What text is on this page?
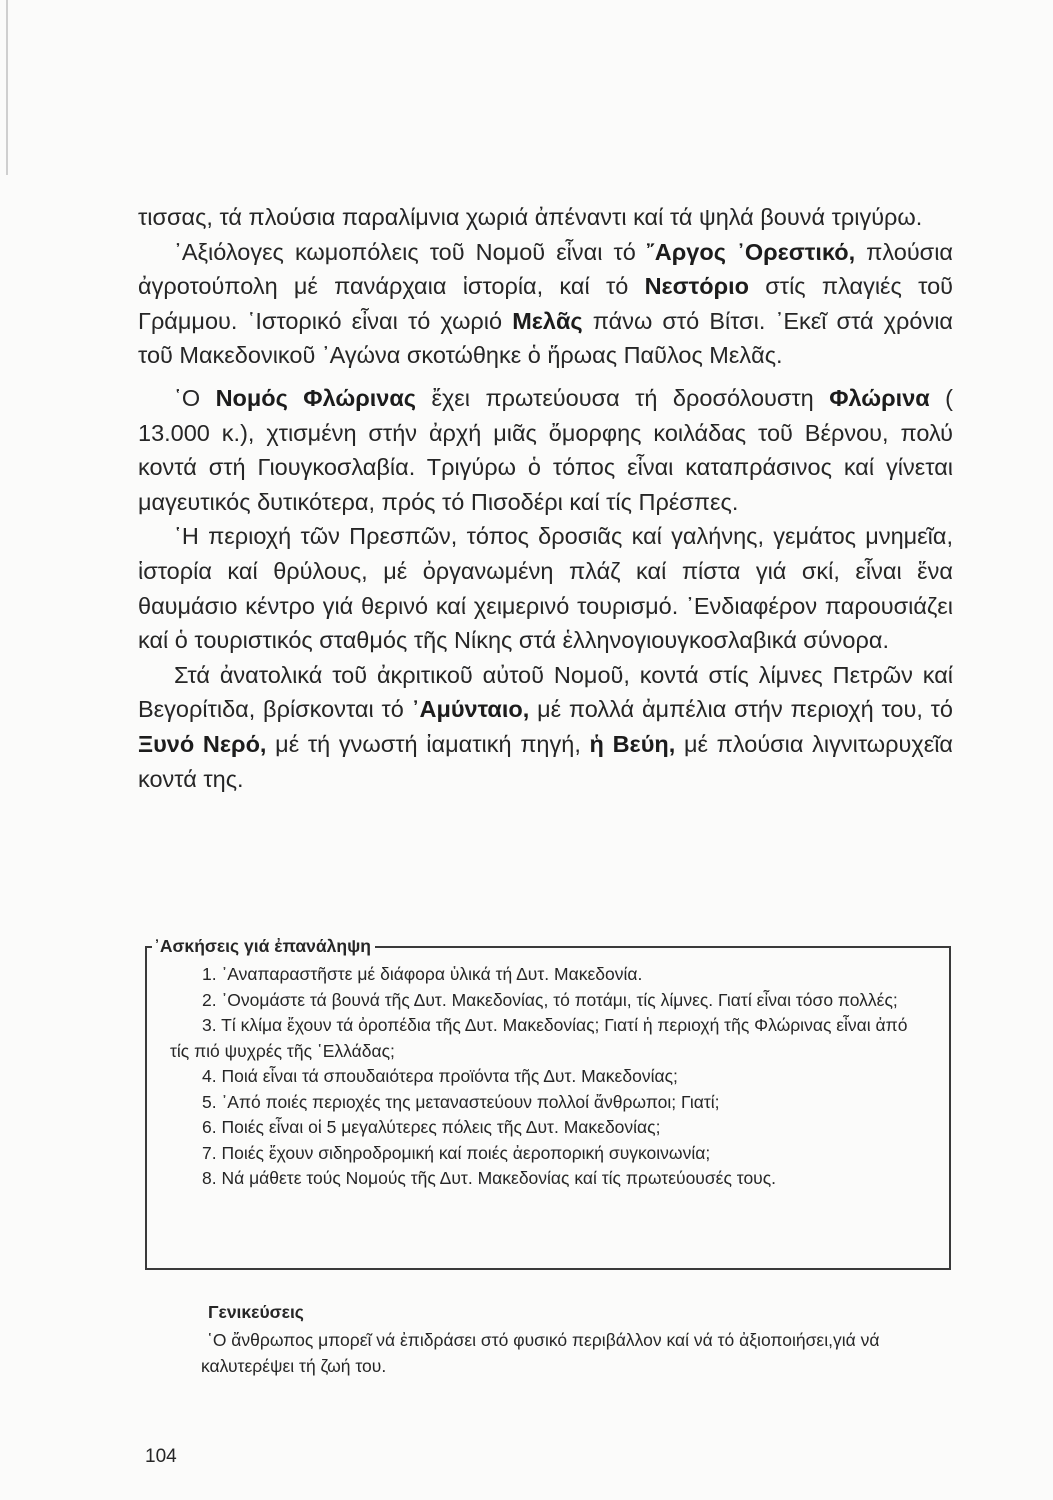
τισσας, τά πλούσια παραλίμνια χωριά ἀπέναντι καί τά ψηλά βουνά τριγύρω.

᾿Αξιόλογες κωμοπόλεις τοῦ Νομοῦ εἶναι τό ῎Αργος ᾿Ορεστικό, πλούσια ἀγροτούπολη μέ πανάρχαια ἱστορία, καί τό Νεστόριο στίς πλαγιές τοῦ Γράμμου. ῾Ιστορικό εἶναι τό χωριό Μελᾶς πάνω στό Βίτσι. ᾿Εκεῖ στά χρόνια τοῦ Μακεδονικοῦ ᾿Αγώνα σκοτώθηκε ὁ ἥρωας Παῦλος Μελᾶς.

῾Ο Νομός Φλώρινας ἔχει πρωτεύουσα τή δροσόλουστη Φλώρινα ( 13.000 κ.), χτισμένη στήν ἀρχή μιᾶς ὄμορφης κοιλάδας τοῦ Βέρνου, πολύ κοντά στή Γιουγκοσλαβία. Τριγύρω ὁ τόπος εἶναι καταπράσινος καί γίνεται μαγευτικός δυτικότερα, πρός τό Πισοδέρι καί τίς Πρέσπες.

῾Η περιοχή τῶν Πρεσπῶν, τόπος δροσιᾶς καί γαλήνης, γεμάτος μνημεῖα, ἱστορία καί θρύλους, μέ ὀργανωμένη πλάζ καί πίστα γιά σκί, εἶναι ἕνα θαυμάσιο κέντρο γιά θερινό καί χειμερινό τουρισμό. ᾿Ενδιαφέρον παρουσιάζει καί ὁ τουριστικός σταθμός τῆς Νίκης στά ἑλληνογιουγκοσλαβικά σύνορα.

Στά ἀνατολικά τοῦ ἀκριτικοῦ αὐτοῦ Νομοῦ, κοντά στίς λίμνες Πετρῶν καί Βεγορίτιδα, βρίσκονται τό ᾿Αμύνταιο, μέ πολλά ἀμπέλια στήν περιοχή του, τό Ξυνό Νερό, μέ τή γνωστή ἰαματική πηγή, ἡ Βεύη, μέ πλούσια λιγνιτωρυχεῖα κοντά της.

᾿Ασκήσεις γιά ἐπανάληψη

1. ᾿Αναπαραστῆστε μέ διάφορα ὑλικά τή Δυτ. Μακεδονία.

2. ᾿Ονομάστε τά βουνά τῆς Δυτ. Μακεδονίας, τό ποτάμι, τίς λίμνες. Γιατί εἶναι τόσο πολλές;

3. Τί κλίμα ἔχουν τά ὀροπέδια τῆς Δυτ. Μακεδονίας; Γιατί ἡ περιοχή τῆς Φλώρινας εἶναι ἀπό τίς πιό ψυχρές τῆς ῾Ελλάδας;

4. Ποιά εἶναι τά σπουδαιότερα προϊόντα τῆς Δυτ. Μακεδονίας;

5. ᾿Από ποιές περιοχές της μεταναστεύουν πολλοί ἄνθρωποι; Γιατί;

6. Ποιές εἶναι οἱ 5 μεγαλύτερες πόλεις τῆς Δυτ. Μακεδονίας;

7. Ποιές ἔχουν σιδηροδρομική καί ποιές ἀεροπορική συγκοινωνία;

8. Νά μάθετε τούς Νομούς τῆς Δυτ. Μακεδονίας καί τίς πρωτεύουσές τους.

Γενικεύσεις

῾Ο ἄνθρωπος μπορεῖ νά ἐπιδράσει στό φυσικό περιβάλλον καί νά τό ἀξιοποιήσει,γιά νά καλυτερέψει τή ζωή του.

104
